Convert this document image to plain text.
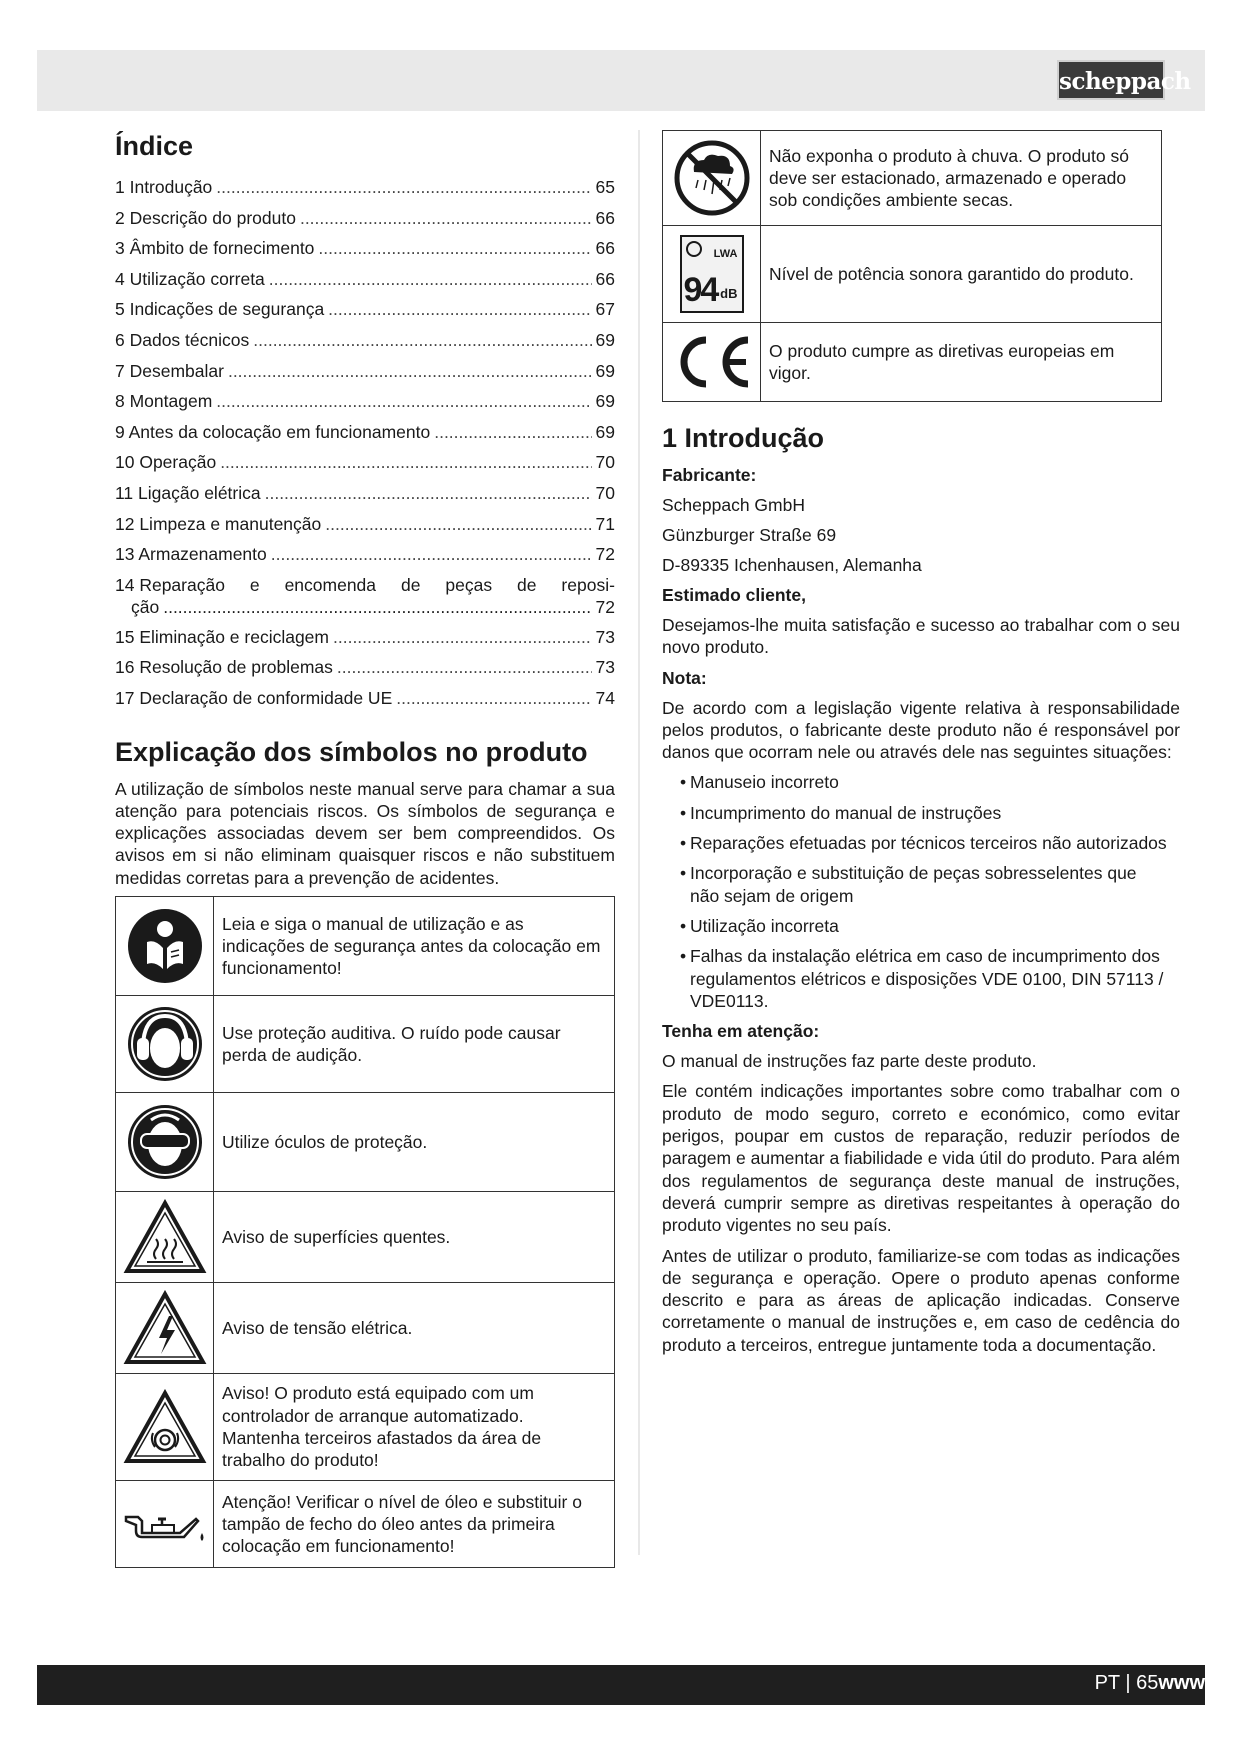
scheppach
Índice
1 Introdução .....	65
2 Descrição do produto .....	66
3 Âmbito de fornecimento .....	66
4 Utilização correta .....	66
5 Indicações de segurança .....	67
6 Dados técnicos .....	69
7 Desembalar .....	69
8 Montagem .....	69
9 Antes da colocação em funcionamento .....	69
10 Operação .....	70
11 Ligação elétrica .....	70
12 Limpeza e manutenção .....	71
13 Armazenamento .....	72
14 Reparação e encomenda de peças de reposi-
ção .....	72
15 Eliminação e reciclagem .....	73
16 Resolução de problemas .....	73
17 Declaração de conformidade UE .....	74
Explicação dos símbolos no produto

A utilização de símbolos neste manual serve para chamar a sua atenção para potenciais riscos. Os símbolos de segurança e explicações associadas devem ser bem compreendidos. Os avisos em si não eliminam quaisquer riscos e não substituem medidas corretas para a prevenção de acidentes.

	Leia e siga o manual de utilização e as indicações de segurança antes da colocação em funcionamento!

	Use proteção auditiva. O ruído pode causar perda de audição.

	Utilize óculos de proteção.

	Aviso de superfícies quentes.

	Aviso de tensão elétrica.

	Aviso! O produto está equipado com um controlador de arranque automatizado. Mantenha terceiros afastados da área de trabalho do produto!

	Atenção! Verificar o nível de óleo e substituir o tampão de fecho do óleo antes da primeira colocação em funcionamento!
	Não exponha o produto à chuva. O produto só deve ser estacionado, armazenado e operado sob condições ambiente secas.

LWA
94 dB	Nível de potência sonora garantido do produto.

	O produto cumpre as diretivas europeias em vigor.
1 Introdução
Fabricante:
Scheppach GmbH
Günzburger Straße 69
D-89335 Ichenhausen, Alemanha
Estimado cliente,

Desejamos-lhe muita satisfação e sucesso ao trabalhar com o seu novo produto.

Nota:

De acordo com a legislação vigente relativa à responsabilidade pelos produtos, o fabricante deste produto não é responsável por danos que ocorram nele ou através dele nas seguintes situações:

• Manuseio incorreto
• Incumprimento do manual de instruções
• Reparações efetuadas por técnicos terceiros não autorizados
• Incorporação e substituição de peças sobresselentes que não sejam de origem
• Utilização incorreta
• Falhas da instalação elétrica em caso de incumprimento dos regulamentos elétricos e disposições VDE 0100, DIN 57113 / VDE0113.
Tenha em atenção:

O manual de instruções faz parte deste produto.

Ele contém indicações importantes sobre como trabalhar com o produto de modo seguro, correto e económico, como evitar perigos, poupar em custos de reparação, reduzir períodos de paragem e aumentar a fiabilidade e vida útil do produto. Para além dos regulamentos de segurança deste manual de instruções, deverá cumprir sempre as diretivas respeitantes à operação do produto vigentes no seu país.

Antes de utilizar o produto, familiarize-se com todas as indicações de segurança e operação. Opere o produto apenas conforme descrito e para as áreas de aplicação indicadas. Conserve corretamente o manual de instruções e, em caso de cedência do produto a terceiros, entregue juntamente toda a documentação.

PT | 65www
